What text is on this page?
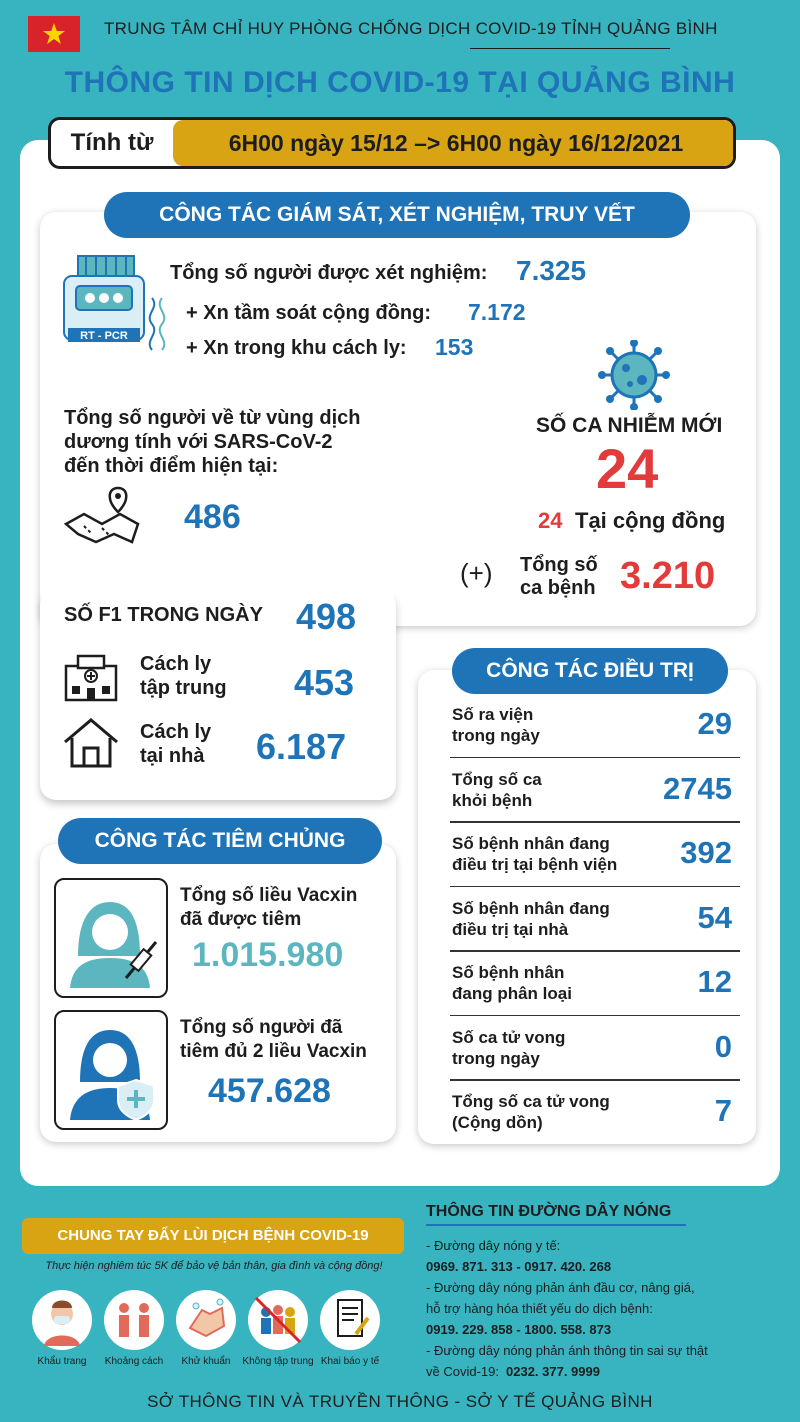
TRUNG TÂM CHỈ HUY PHÒNG CHỐNG DỊCH COVID-19 TỈNH QUẢNG BÌNH
THÔNG TIN DỊCH COVID-19 TẠI QUẢNG BÌNH
Tính từ	6H00 ngày 15/12 –> 6H00 ngày 16/12/2021
CÔNG TÁC GIÁM SÁT, XÉT NGHIỆM, TRUY VẾT
RT - PCR
Tổng số người được xét nghiệm: 7.325
+ Xn tầm soát cộng đồng: 7.172
+ Xn trong khu cách ly: 153
Tổng số người về từ vùng dịch
dương tính với SARS-CoV-2
đến thời điểm hiện tại:
486
SỐ CA NHIỄM MỚI
24
24 Tại cộng đồng
(+) Tổng số
ca bệnh 3.210
SỐ F1 TRONG NGÀY 498
Cách ly
tập trung 453
Cách ly
tại nhà 6.187
CÔNG TÁC TIÊM CHỦNG
Tổng số liều Vacxin
đã được tiêm
1.015.980
Tổng số người đã
tiêm đủ 2 liều Vacxin
457.628
CÔNG TÁC ĐIỀU TRỊ
Số ra viện
trong ngày	29
Tổng số ca
khỏi bệnh	2745
Số bệnh nhân đang
điều trị tại bệnh viện	392
Số bệnh nhân đang
điều trị tại nhà	54
Số bệnh nhân
đang phân loại	12
Số ca tử vong
trong ngày	0
Tổng số ca tử vong
(Cộng dồn)	7
CHUNG TAY ĐẨY LÙI DỊCH BỆNH COVID-19
Thực hiện nghiêm túc 5K để bảo vệ bản thân, gia đình và cộng đồng!
Khẩu trang	Khoảng cách	Khử khuẩn	Không tập trung Khai báo y tế
THÔNG TIN ĐƯỜNG DÂY NÓNG
- Đường dây nóng y tế:
0969. 871. 313 - 0917. 420. 268
- Đường dây nóng phản ánh đầu cơ, nâng giá,
hỗ trợ hàng hóa thiết yếu do dịch bệnh:
0919. 229. 858 - 1800. 558. 873
- Đường dây nóng phản ánh thông tin sai sự thật
về Covid-19: 0232. 377. 9999
SỞ THÔNG TIN VÀ TRUYỀN THÔNG - SỞ Y TẾ QUẢNG BÌNH
